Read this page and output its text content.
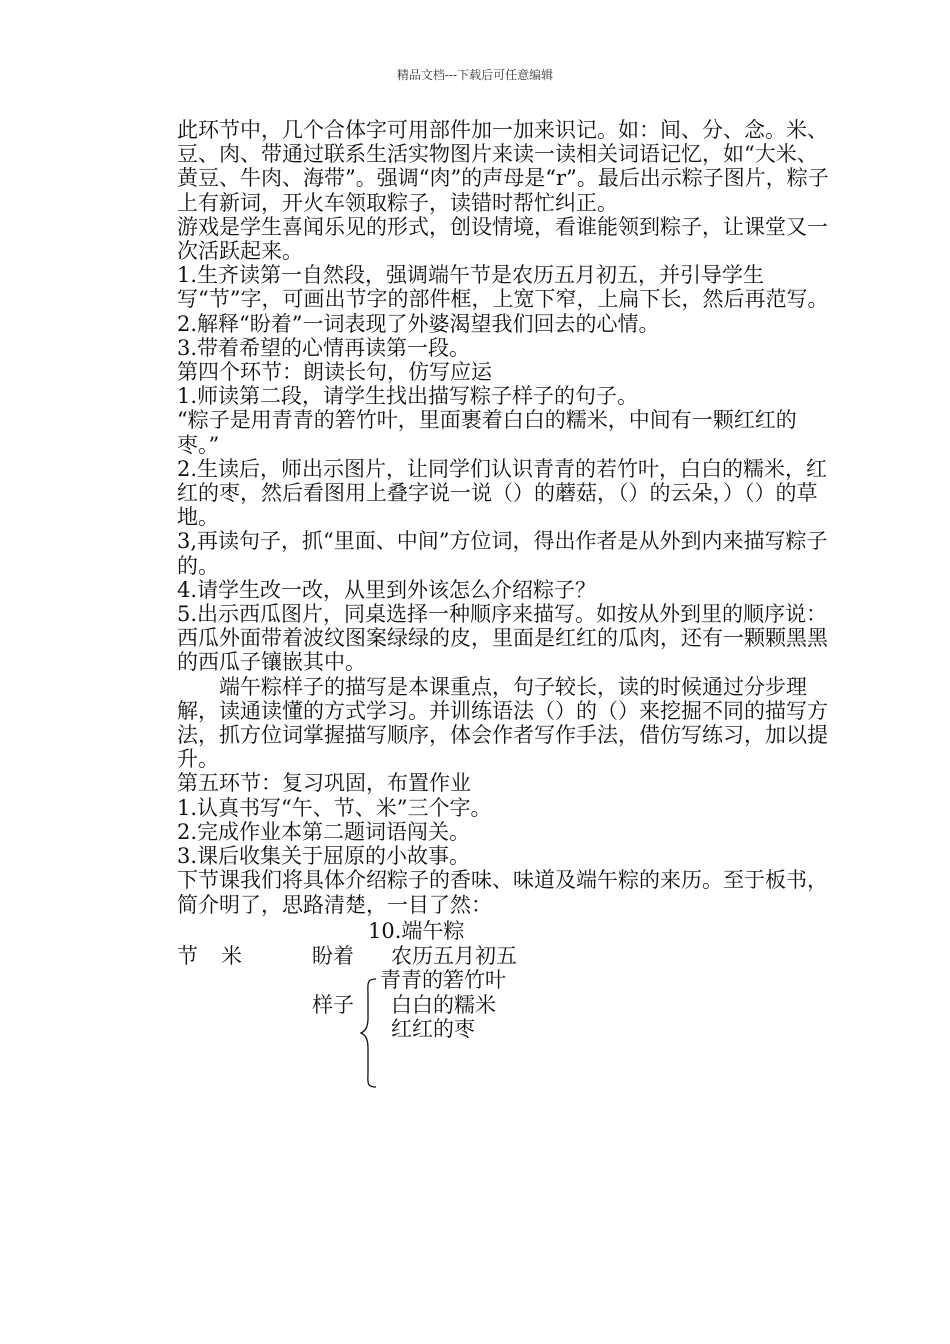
精品文档---下载后可任意编辑

此环节中，几个合体字可用部件加一加来识记。如：间、分、念。米、豆、肉、带通过联系生活实物图片来读一读相关词语记忆，如“大米、黄豆、牛肉、海带”。强调“肉”的声母是“r”。最后出示粽子图片，粽子上有新词，开火车领取粽子，读错时帮忙纠正。

游戏是学生喜闻乐见的形式，创设情境，看谁能领到粽子，让课堂又一次活跃起来。

1.生齐读第一自然段，强调端午节是农历五月初五，并引导学生写“节”字，可画出节字的部件框，上宽下窄，上扁下长，然后再范写。

2.解释“盼着”一词表现了外婆渴望我们回去的心情。

3.带着希望的心情再读第一段。

第四个环节：朗读长句，仿写应运

1.师读第二段，请学生找出描写粽子样子的句子。

“粽子是用青青的箬竹叶，里面裹着白白的糯米，中间有一颗红红的枣。”

2.生读后，师出示图片，让同学们认识青青的若竹叶，白白的糯米，红红的枣，然后看图用上叠字说一说（）的蘑菇，（）的云朵，）（）的草地。

3,再读句子，抓“里面、中间”方位词，得出作者是从外到内来描写粽子的。

4.请学生改一改，从里到外该怎么介绍粽子？

5.出示西瓜图片，同桌选择一种顺序来描写。如按从外到里的顺序说：西瓜外面带着波纹图案绿绿的皮，里面是红红的瓜肉，还有一颗颗黑黑的西瓜子镶嵌其中。

端午粽样子的描写是本课重点，句子较长，读的时候通过分步理解，读通读懂的方式学习。并训练语法（）的（）来挖掘不同的描写方法，抓方位词掌握描写顺序，体会作者写作手法，借仿写练习，加以提升。

第五环节：复习巩固，布置作业

1.认真书写“午、节、米”三个字。

2.完成作业本第二题词语闯关。

3.课后收集关于屈原的小故事。

下节课我们将具体介绍粽子的香味、味道及端午粽的来历。至于板书，简介明了，思路清楚，一目了然：

10.端午粽
节 米	盼着 农历五月初五
青青的箬竹叶
样子 白白的糯米
红红的枣
